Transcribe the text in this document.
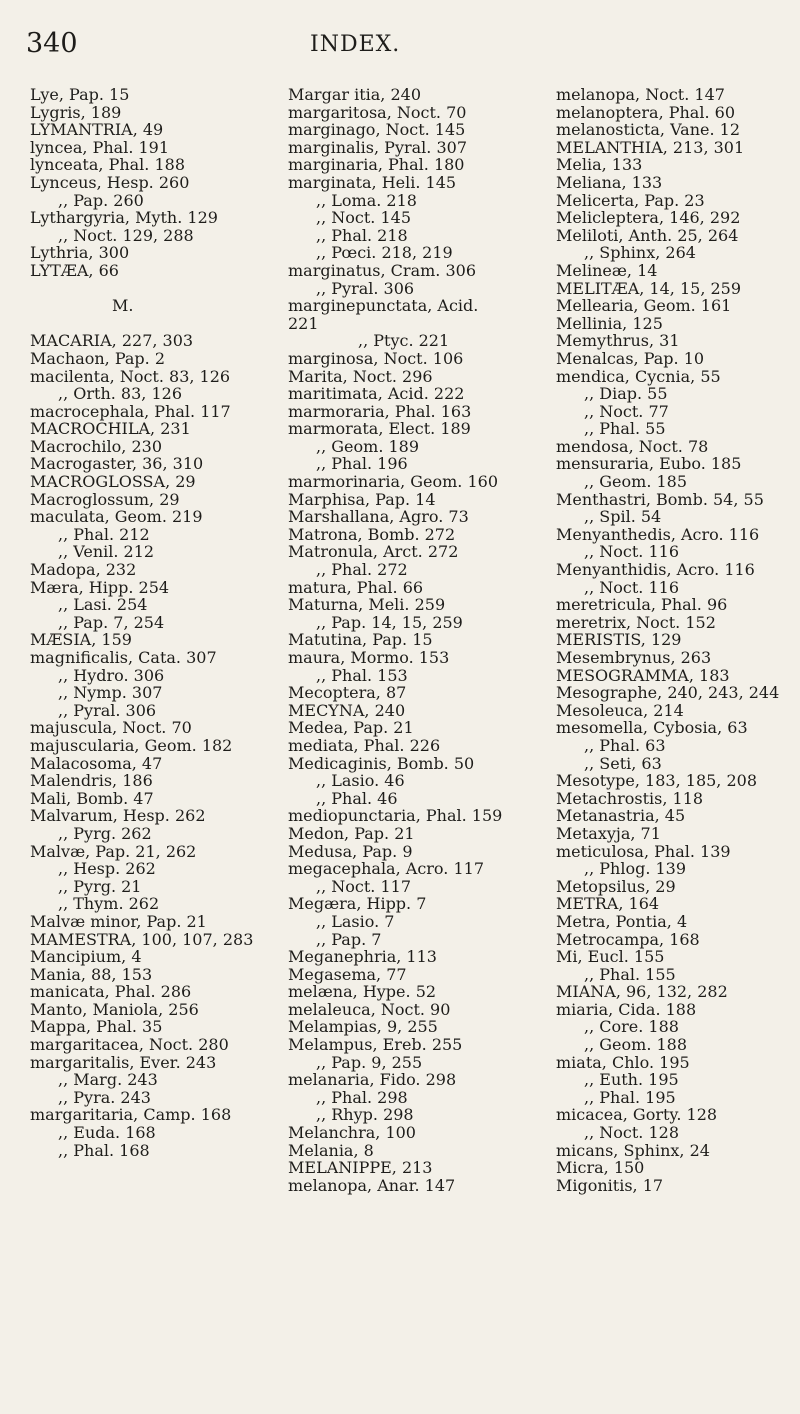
340	INDEX.
Lye, Pap. 15
Lygris, 189
LYMANTRIA, 49
lyncea, Phal. 191
lynceata, Phal. 188
Lynceus, Hesp. 260
,, Pap. 260
Lythargyria, Myth. 129
,, Noct. 129, 288
Lythria, 300
LYTÆA, 66
M.
MACARIA, 227, 303
Machaon, Pap. 2
macilenta, Noct. 83, 126
,, Orth. 83, 126
macrocephala, Phal. 117
MACROCHILA, 231
Macrochilo, 230
Macrogaster, 36, 310
MACROGLOSSA, 29
Macroglossum, 29
maculata, Geom. 219
,, Phal. 212
,, Venil. 212
Madopa, 232
Mæra, Hipp. 254
,, Lasi. 254
,, Pap. 7, 254
MÆSIA, 159
magnificalis, Cata. 307
,, Hydro. 306
,, Nymp. 307
,, Pyral. 306
majuscula, Noct. 70
majuscularia, Geom. 182
Malacosoma, 47
Malendris, 186
Mali, Bomb. 47
Malvarum, Hesp. 262
,, Pyrg. 262
Malvæ, Pap. 21, 262
,, Hesp. 262
,, Pyrg. 21
,, Thym. 262
Malvæ minor, Pap. 21
MAMESTRA, 100, 107, 283
Mancipium, 4
Mania, 88, 153
manicata, Phal. 286
Manto, Maniola, 256
Mappa, Phal. 35
margaritacea, Noct. 280
margaritalis, Ever. 243
,, Marg. 243
,, Pyra. 243
margaritaria, Camp. 168
,, Euda. 168
,, Phal. 168
Margar itia, 240
margaritosa, Noct. 70
marginago, Noct. 145
marginalis, Pyral. 307
marginaria, Phal. 180
marginata, Heli. 145
,, Loma. 218
,, Noct. 145
,, Phal. 218
,, Pœci. 218, 219
marginatus, Cram. 306
,, Pyral. 306
marginepunctata, Acid.
221
,, Ptyc. 221
marginosa, Noct. 106
Marita, Noct. 296
maritimata, Acid. 222
marmoraria, Phal. 163
marmorata, Elect. 189
,, Geom. 189
,, Phal. 196
marmorinaria, Geom. 160
Marphisa, Pap. 14
Marshallana, Agro. 73
Matrona, Bomb. 272
Matronula, Arct. 272
,, Phal. 272
matura, Phal. 66
Maturna, Meli. 259
,, Pap. 14, 15, 259
Matutina, Pap. 15
maura, Mormo. 153
,, Phal. 153
Mecoptera, 87
MECYNA, 240
Medea, Pap. 21
mediata, Phal. 226
Medicaginis, Bomb. 50
,, Lasio. 46
,, Phal. 46
mediopunctaria, Phal. 159
Medon, Pap. 21
Medusa, Pap. 9
megacephala, Acro. 117
,, Noct. 117
Megæra, Hipp. 7
,, Lasio. 7
,, Pap. 7
Meganephria, 113
Megasema, 77
melæna, Hype. 52
melaleuca, Noct. 90
Melampias, 9, 255
Melampus, Ereb. 255
,, Pap. 9, 255
melanaria, Fido. 298
,, Phal. 298
,, Rhyp. 298
Melanchra, 100
Melania, 8
MELANIPPE, 213
melanopa, Anar. 147
melanopa, Noct. 147
melanoptera, Phal. 60
melanosticta, Vane. 12
MELANTHIA, 213, 301
Melia, 133
Meliana, 133
Melicerta, Pap. 23
Melicleptera, 146, 292
Meliloti, Anth. 25, 264
,, Sphinx, 264
Melineæ, 14
MELITÆA, 14, 15, 259
Mellearia, Geom. 161
Mellinia, 125
Memythrus, 31
Menalcas, Pap. 10
mendica, Cycnia, 55
,, Diap. 55
,, Noct. 77
,, Phal. 55
mendosa, Noct. 78
mensuraria, Eubo. 185
,, Geom. 185
Menthastri, Bomb. 54, 55
,, Spil. 54
Menyanthedis, Acro. 116
,, Noct. 116
Menyanthidis, Acro. 116
,, Noct. 116
meretricula, Phal. 96
meretrix, Noct. 152
MERISTIS, 129
Mesembrynus, 263
MESOGRAMMA, 183
Mesographe, 240, 243, 244
Mesoleuca, 214
mesomella, Cybosia, 63
,, Phal. 63
,, Seti, 63
Mesotype, 183, 185, 208
Metachrostis, 118
Metanastria, 45
Metaxyja, 71
meticulosa, Phal. 139
,, Phlog. 139
Metopsilus, 29
METRA, 164
Metra, Pontia, 4
Metrocampa, 168
Mi, Eucl. 155
,, Phal. 155
MIANA, 96, 132, 282
miaria, Cida. 188
,, Core. 188
,, Geom. 188
miata, Chlo. 195
,, Euth. 195
,, Phal. 195
micacea, Gorty. 128
,, Noct. 128
micans, Sphinx, 24
Micra, 150
Migonitis, 17
